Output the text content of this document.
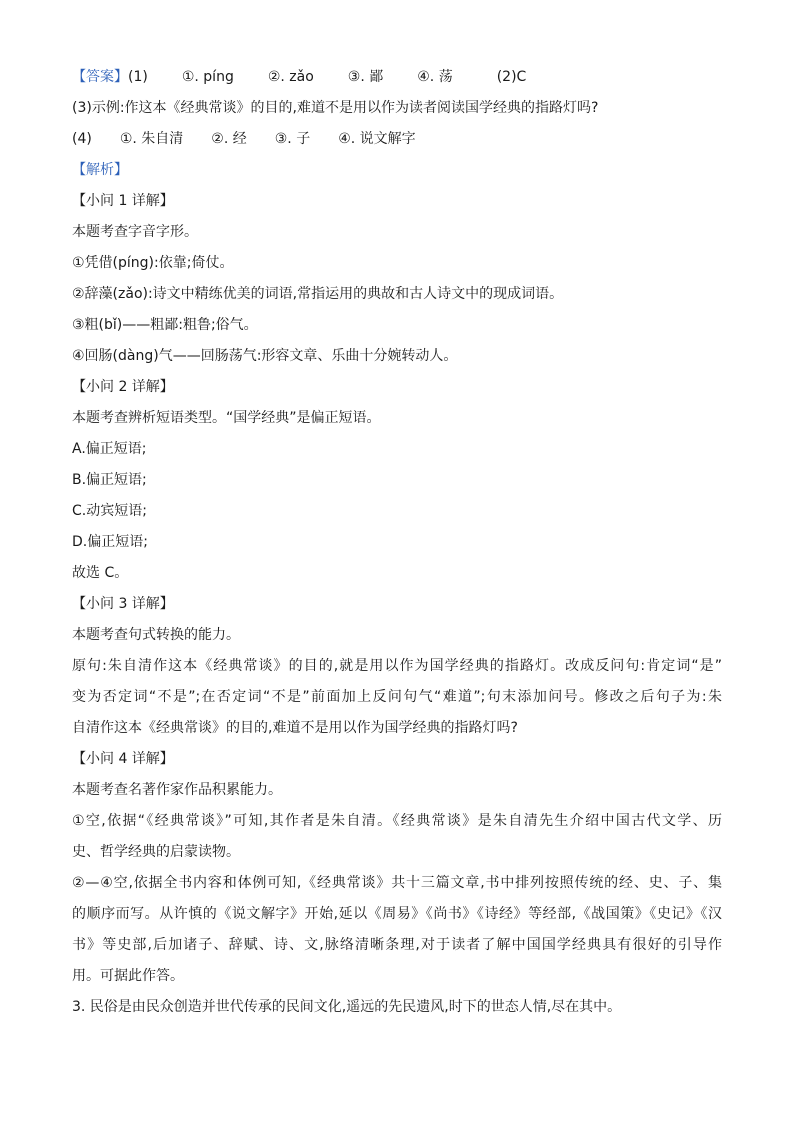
【答案】(1) ①. píng ②. zǎo ③. 鄙 ④. 荡	(2)C
(3)示例:作这本《经典常谈》的目的,难道不是用以作为读者阅读国学经典的指路灯吗?
(4) ①. 朱自清 ②. 经 ③. 子 ④. 说文解字
【解析】
【小问 1 详解】
本题考查字音字形。
①凭借(píng):依靠;倚仗。
②辞藻(zǎo):诗文中精练优美的词语,常指运用的典故和古人诗文中的现成词语。
③粗(bǐ)——粗鄙:粗鲁;俗气。
④回肠(dàng)气——回肠荡气:形容文章、乐曲十分婉转动人。
【小问 2 详解】
本题考查辨析短语类型。“国学经典”是偏正短语。
A.偏正短语;
B.偏正短语;
C.动宾短语;
D.偏正短语;
故选 C。
【小问 3 详解】
本题考查句式转换的能力。
原句:朱自清作这本《经典常谈》的目的,就是用以作为国学经典的指路灯。改成反问句:肯定词“是”
变为否定词“不是”;在否定词“不是”前面加上反问句气“难道”;句末添加问号。修改之后句子为:朱
自清作这本《经典常谈》的目的,难道不是用以作为国学经典的指路灯吗?
【小问 4 详解】
本题考查名著作家作品积累能力。
①空,依据“《经典常谈》”可知,其作者是朱自清。《经典常谈》是朱自清先生介绍中国古代文学、历
史、哲学经典的启蒙读物。
②—④空,依据全书内容和体例可知,《经典常谈》共十三篇文章,书中排列按照传统的经、史、子、集
的顺序而写。从许慎的《说文解字》开始,延以《周易》《尚书》《诗经》等经部,《战国策》《史记》《汉
书》等史部,后加诸子、辞赋、诗、文,脉络清晰条理,对于读者了解中国国学经典具有很好的引导作
用。可据此作答。
3. 民俗是由民众创造并世代传承的民间文化,遥远的先民遗风,时下的世态人情,尽在其中。
